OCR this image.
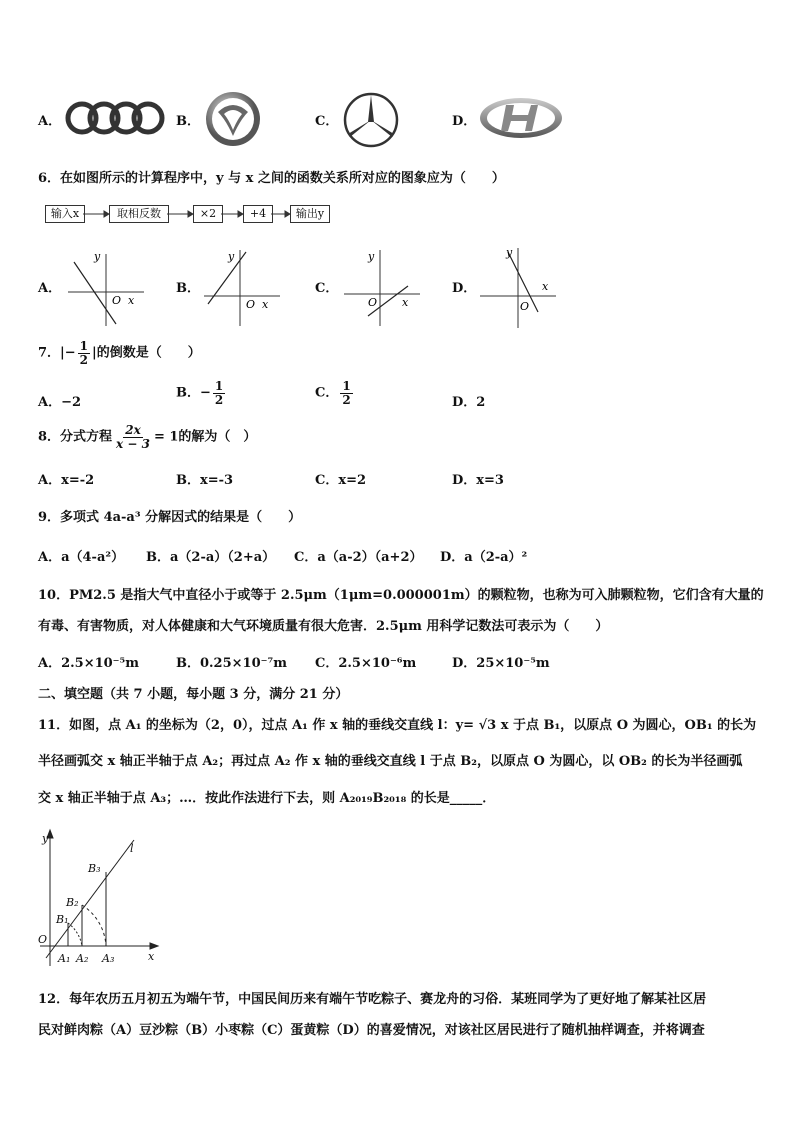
A．	B．	C．	D．
6．在如图所示的计算程序中，y 与 x 之间的函数关系所对应的图象应为（　　）
输入x	取相反数	×2	+4	输出y
A．
y
O x
B．
y
O x
C．
y
O x
D．
y
O
x
7．|− $\frac{1}{2}$ |的倒数是（　　）
A．−2
B．− $\frac{1}{2}$	C． $\frac{1}{2}$	D．2
8．分式方程 $\frac{2x}{x - 3} = 1$的解为（　）
A．x=-2	B．x=-3	C．x=2	D．x=3
9．多项式 4a-a³ 分解因式的结果是（　　）
A．a（4-a²） B．a（2-a）（2+a） C．a（a-2）（a+2） D．a（2-a）²
10．PM2.5 是指大气中直径小于或等于 2.5μm（1μm=0.000001m）的颗粒物，也称为可入肺颗粒物，它们含有大量的
有毒、有害物质，对人体健康和大气环境质量有很大危害．2.5μm 用科学记数法可表示为（　　）
A．2.5×10⁻⁵m	B．0.25×10⁻⁷m C．2.5×10⁻⁶m	D．25×10⁻⁵m
二、填空题（共 7 小题，每小题 3 分，满分 21 分）
11．如图，点 A₁ 的坐标为（2，0），过点 A₁ 作 x 轴的垂线交直线 l：y= √3 x 于点 B₁，以原点 O 为圆心，OB₁ 的长为
半径画弧交 x 轴正半轴于点 A₂；再过点 A₂ 作 x 轴的垂线交直线 l 于点 B₂，以原点 O 为圆心，以 OB₂ 的长为半径画弧
交 x 轴正半轴于点 A₃；…．按此作法进行下去，则 A₂₀₁₉B₂₀₁₈ 的长是_____．
y
l
B₃
B₂
B₁
O
A₁ A₂ A₃	x
12．每年农历五月初五为端午节，中国民间历来有端午节吃粽子、赛龙舟的习俗．某班同学为了更好地了解某社区居
民对鲜肉粽（A）豆沙粽（B）小枣粽（C）蛋黄粽（D）的喜爱情况，对该社区居民进行了随机抽样调查，并将调查
